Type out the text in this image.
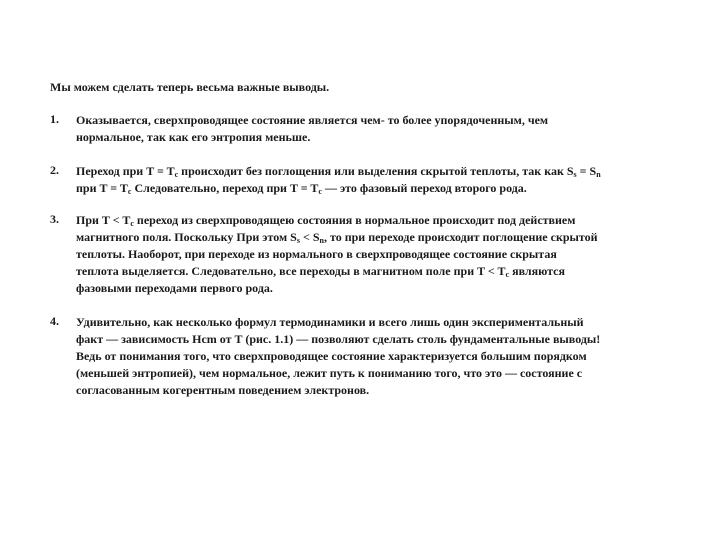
Мы можем сделать теперь весьма важные выводы.

1.	Оказывается, сверхпроводящее состояние является чем- то более упорядоченным, чем
нормальное, так как его энтропия меньше.
2.	Переход при $T = T_c$ происходит без поглощения или выделения скрытой теплоты, так как $S_s = S_n$
при $T = T_c$ Следовательно, переход при $T = T_c$ — это фазовый переход второго рода.
3.	При $T < T_c$ переход из сверхпроводящею состояния в нормальное происходит под действием
магнитного поля. Поскольку При этом $S_s < S_n$, то при переходе происходит поглощение скрытой
теплоты. Наоборот, при переходе из нормального в сверхпроводящее состояние скрытая
теплота выделяется. Следовательно, все переходы в магнитном поле при $T < T_c$ являются
фазовыми переходами первого рода.
4.	Удивительно, как несколько формул термодинамики и всего лишь один экспериментальный
факт — зависимость Hcm от T (рис. 1.1) — позволяют сделать столь фундаментальные выводы!
Ведь от понимания того, что сверхпроводящее состояние характеризуется большим порядком
(меньшей энтропией), чем нормальное, лежит путь к пониманию того, что это — состояние с
согласованным когерентным поведением электронов.
